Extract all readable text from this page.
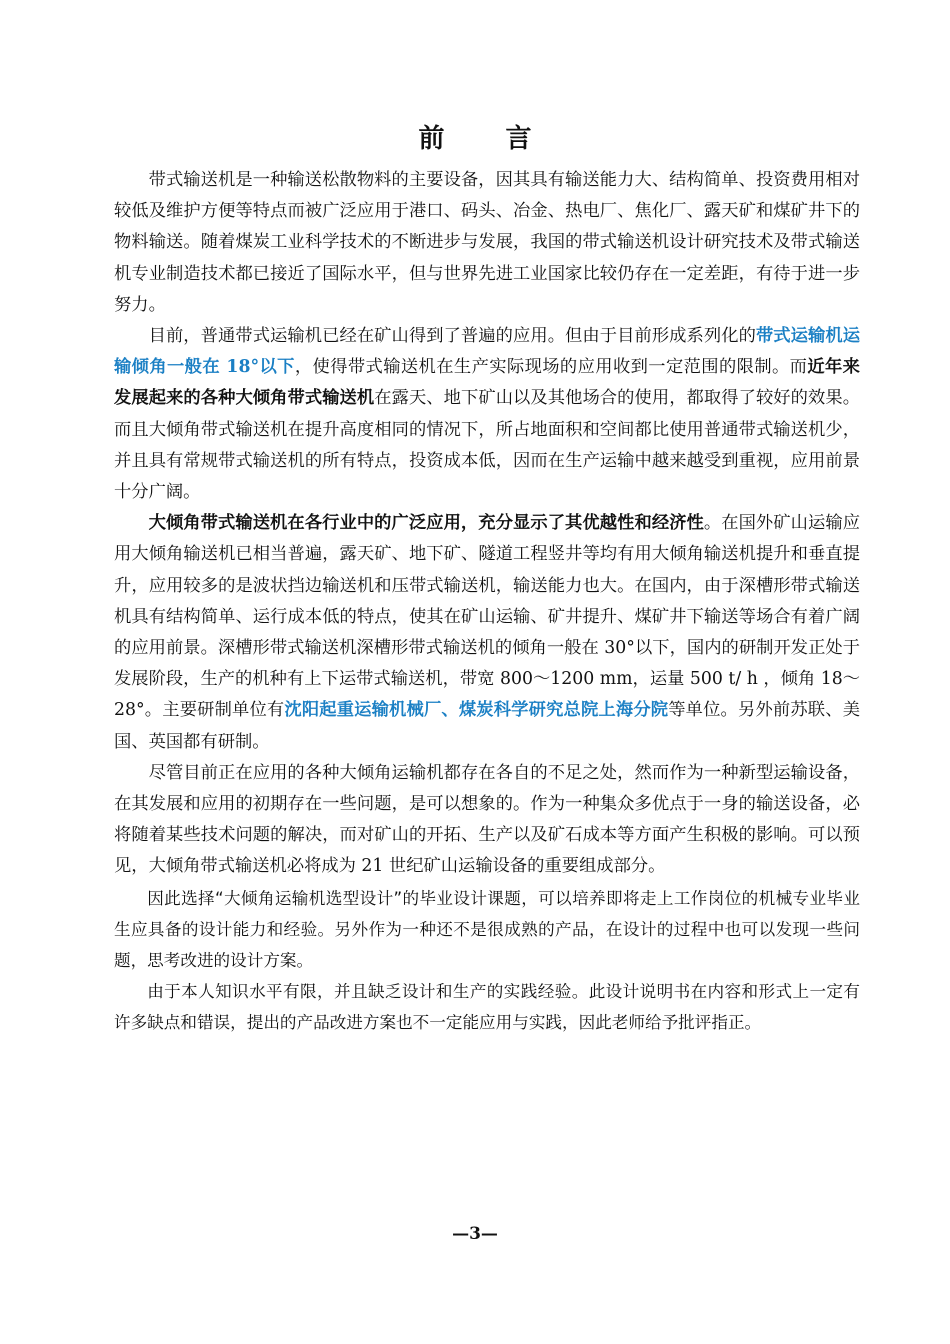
前 言

带式输送机是一种输送松散物料的主要设备，因其具有输送能力大、结构简单、投资费用相对较低及维护方便等特点而被广泛应用于港口、码头、冶金、热电厂、焦化厂、露天矿和煤矿井下的物料输送。随着煤炭工业科学技术的不断进步与发展，我国的带式输送机设计研究技术及带式输送机专业制造技术都已接近了国际水平，但与世界先进工业国家比较仍存在一定差距，有待于进一步努力。

目前，普通带式运输机已经在矿山得到了普遍的应用。但由于目前形成系列化的带式运输机运输倾角一般在 18°以下，使得带式输送机在生产实际现场的应用收到一定范围的限制。而近年来发展起来的各种大倾角带式输送机在露天、地下矿山以及其他场合的使用，都取得了较好的效果。而且大倾角带式输送机在提升高度相同的情况下，所占地面积和空间都比使用普通带式输送机少，并且具有常规带式输送机的所有特点，投资成本低，因而在生产运输中越来越受到重视，应用前景十分广阔。

大倾角带式输送机在各行业中的广泛应用，充分显示了其优越性和经济性。在国外矿山运输应用大倾角输送机已相当普遍，露天矿、地下矿、隧道工程竖井等均有用大倾角输送机提升和垂直提升，应用较多的是波状挡边输送机和压带式输送机，输送能力也大。在国内，由于深槽形带式输送机具有结构简单、运行成本低的特点，使其在矿山运输、矿井提升、煤矿井下输送等场合有着广阔的应用前景。深槽形带式输送机深槽形带式输送机的倾角一般在 30°以下，国内的研制开发正处于发展阶段，生产的机种有上下运带式输送机，带宽 800～1200 mm，运量 500 t/ h ，倾角 18～28°。主要研制单位有沈阳起重运输机械厂、煤炭科学研究总院上海分院等单位。另外前苏联、美国、英国都有研制。

尽管目前正在应用的各种大倾角运输机都存在各自的不足之处，然而作为一种新型运输设备，在其发展和应用的初期存在一些问题，是可以想象的。作为一种集众多优点于一身的输送设备，必将随着某些技术问题的解决，而对矿山的开拓、生产以及矿石成本等方面产生积极的影响。可以预见，大倾角带式输送机必将成为 21 世纪矿山运输设备的重要组成部分。

因此选择“大倾角运输机选型设计”的毕业设计课题，可以培养即将走上工作岗位的机械专业毕业生应具备的设计能力和经验。另外作为一种还不是很成熟的产品，在设计的过程中也可以发现一些问题，思考改进的设计方案。

由于本人知识水平有限，并且缺乏设计和生产的实践经验。此设计说明书在内容和形式上一定有许多缺点和错误，提出的产品改进方案也不一定能应用与实践，因此老师给予批评指正。

—3—
